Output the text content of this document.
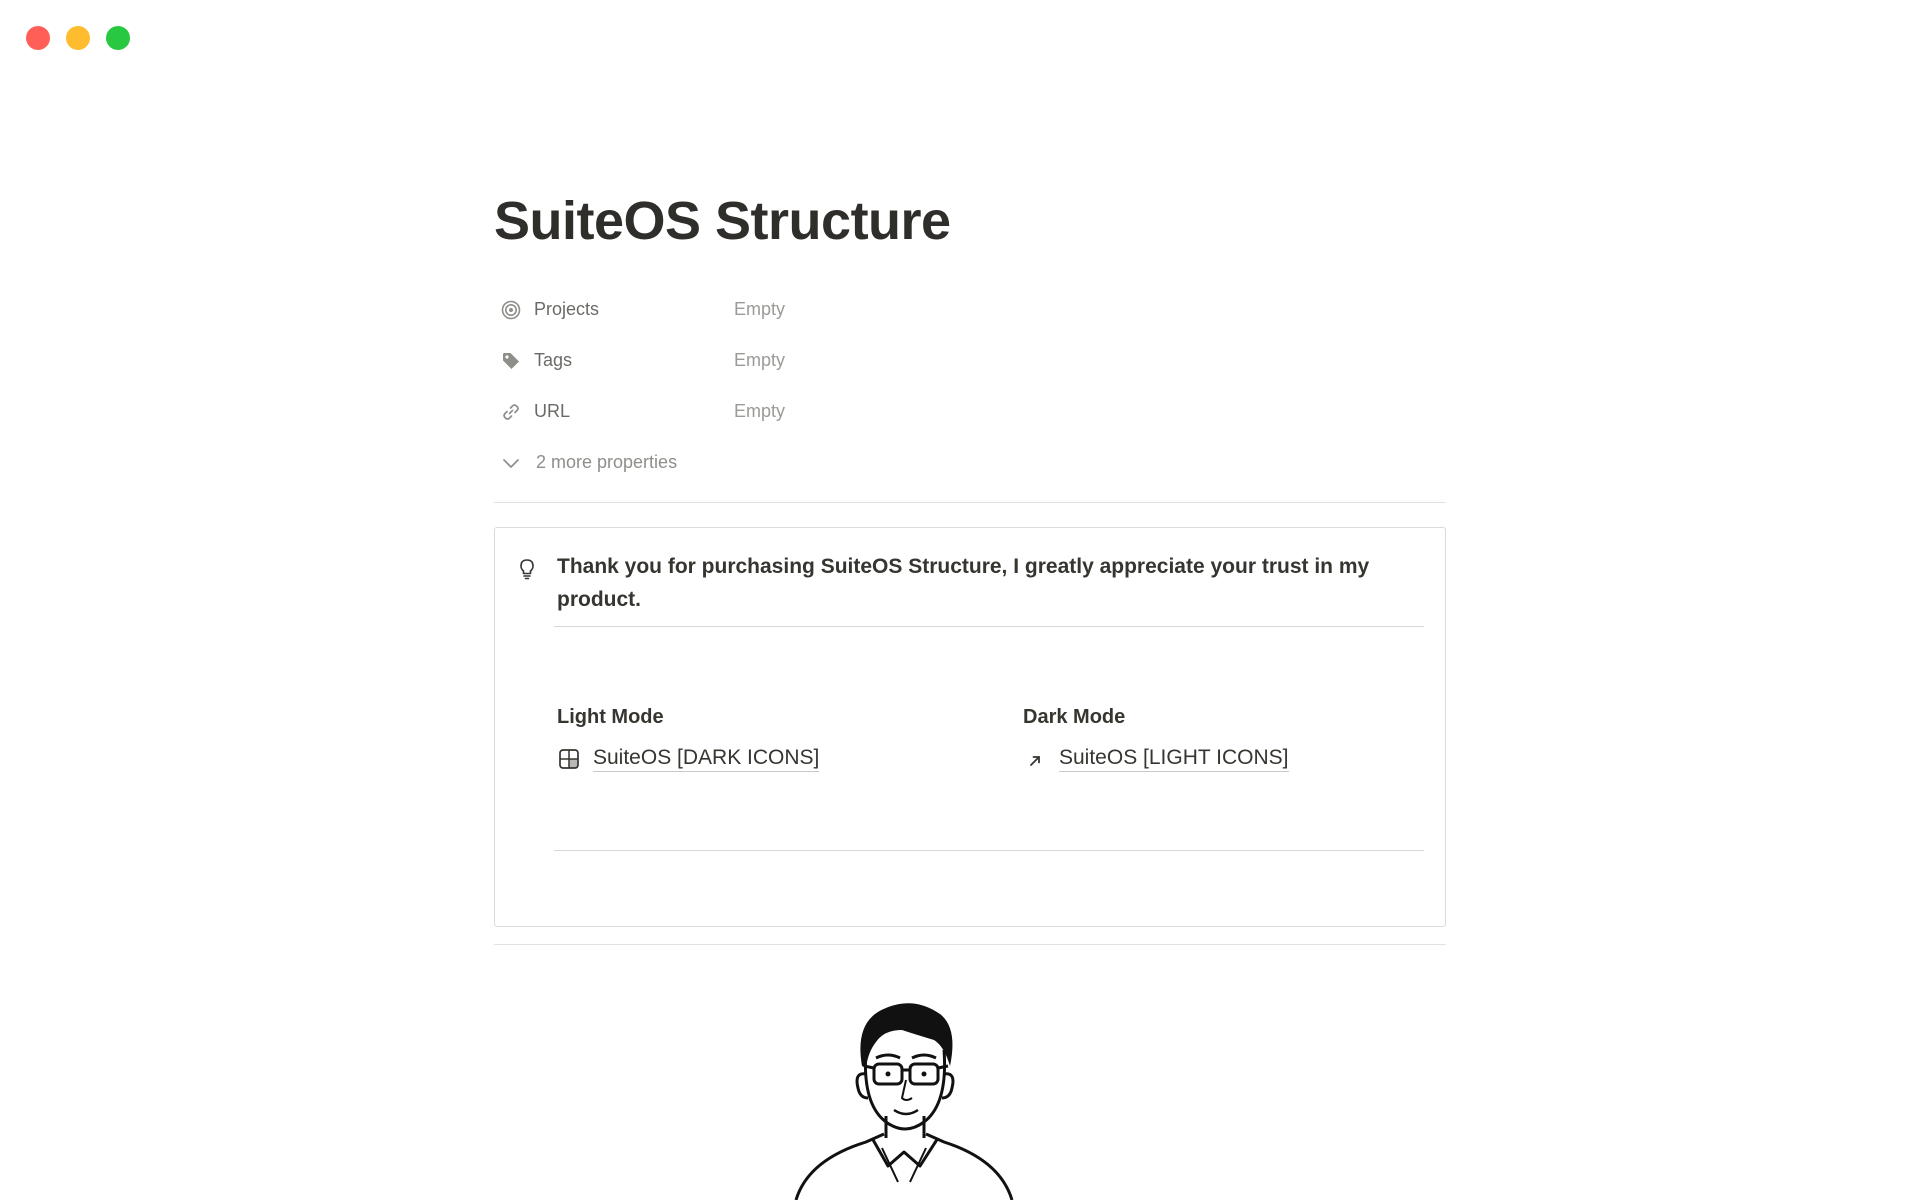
SuiteOS Structure
Projects	Empty
Tags	Empty
URL	Empty
2 more properties

Thank you for purchasing SuiteOS Structure, I greatly appreciate your trust in my product.

Light Mode
SuiteOS [DARK ICONS]
Dark Mode
SuiteOS [LIGHT ICONS]
